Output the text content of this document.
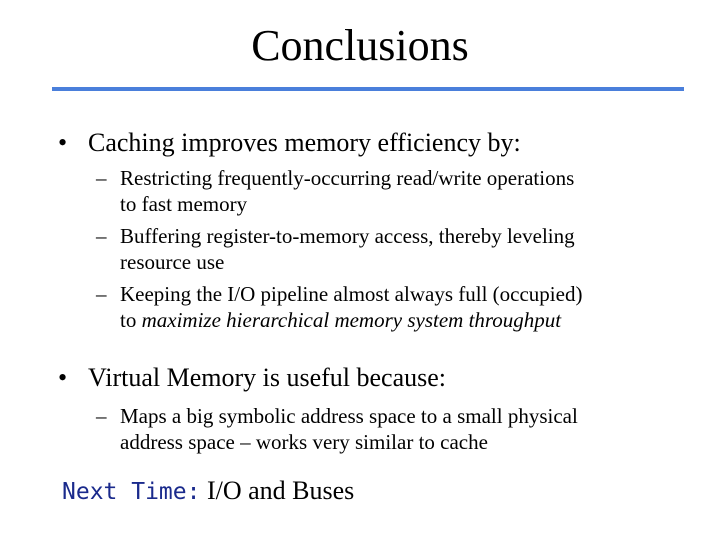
Conclusions
• Caching improves memory efficiency by:
– Restricting frequently-occurring read/write operations
to fast memory
– Buffering register-to-memory access, thereby leveling
resource use
– Keeping the I/O pipeline almost always full (occupied)
to maximize hierarchical memory system throughput
• Virtual Memory is useful because:
– Maps a big symbolic address space to a small physical
address space – works very similar to cache
Next Time: I/O and Buses
